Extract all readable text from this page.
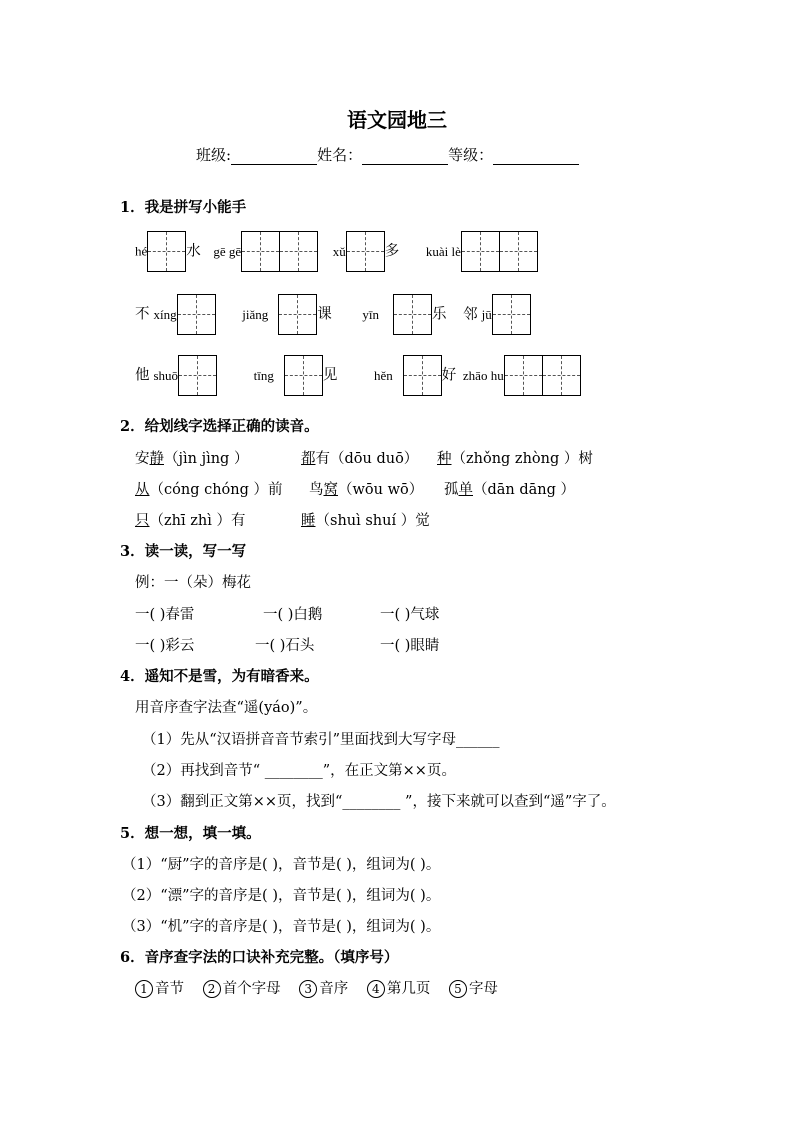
语文园地三
班级:	姓名：	等级：
1．我是拼写小能手
hé	水 gē gē	xǔ	多 kuài lè
不 xíng	jiǎng	课 yīn	乐 邻 jū
他 shuō	tīng	见	hěn	好 zhāo hu
2．给划线字选择正确的读音。
安静（jìn jìng ）	都有（dōu duō） 种（zhǒng zhòng ）树
从（cóng chóng ）前 鸟窝（wōu wō） 孤单（dān dāng ）
只（zhī zhì ）有	睡（shuì shuí ）觉
3．读一读，写一写
例：一（朵）梅花
一( )春雷	一( )白鹅	一( )气球
一( )彩云	一( )石头	一( )眼睛
4．遥知不是雪，为有暗香来。
用音序查字法查“遥(yáo)”。
（1）先从“汉语拼音音节索引”里面找到大写字母______
（2）再找到音节“ ________”，在正文第××页。
（3）翻到正文第××页，找到“________ ”，接下来就可以查到“遥”字了。
5．想一想，填一填。
（1）“厨”字的音序是( )，音节是( )，组词为( )。
（2）“漂”字的音序是( )，音节是( )，组词为( )。
（3）“机”字的音序是( )，音节是( )，组词为( )。
6．音序查字法的口诀补充完整。（填序号）
1 音节 2 首个字母 3 音序 4 第几页 5 字母
